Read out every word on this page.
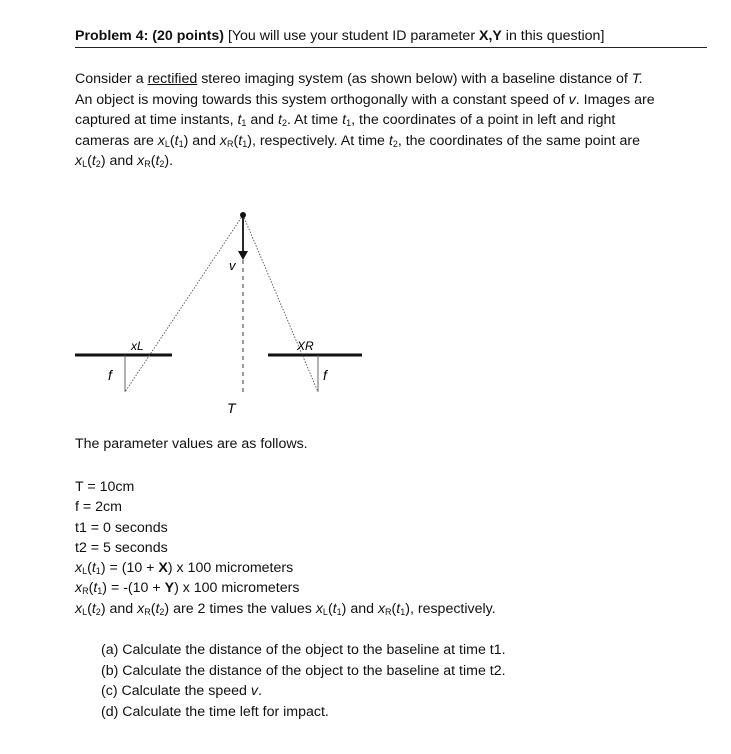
Problem 4: (20 points) [You will use your student ID parameter X,Y in this question]

Consider a rectified stereo imaging system (as shown below) with a baseline distance of T.

An object is moving towards this system orthogonally with a constant speed of v. Images are

captured at time instants, $t_1$ and $t_2$. At time $t_1$, the coordinates of a point in left and right

cameras are $x_L(t_1)$ and $x_R(t_1)$, respectively. At time $t_2$, the coordinates of the same point are

$x_L(t_2)$ and $x_R(t_2)$.

v
xL	XR
f	f
T
The parameter values are as follows.
T = 10cm
f = 2cm
t1 = 0 seconds
t2 = 5 seconds
$x_L(t_1) = (10 + X)$ x 100 micrometers
$x_R(t_1) = -(10 + Y)$ x 100 micrometers
$x_L(t_2)$ and $x_R(t_2)$ are 2 times the values $x_L(t_1)$ and $x_R(t_1)$, respectively.
(a) Calculate the distance of the object to the baseline at time t1.
(b) Calculate the distance of the object to the baseline at time t2.
(c) Calculate the speed v.
(d) Calculate the time left for impact.
